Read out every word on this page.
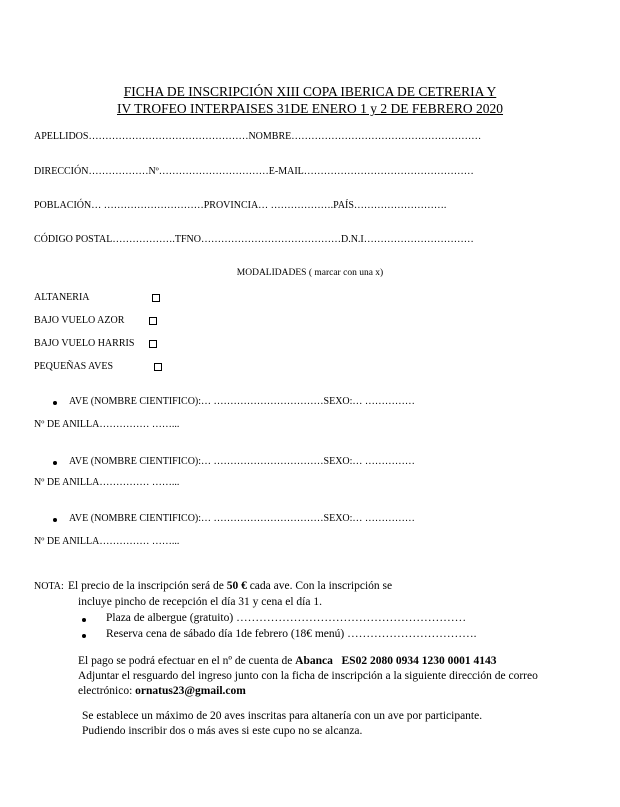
FICHA DE INSCRIPCIÓN XIII COPA IBERICA DE CETRERIA Y
IV TROFEO INTERPAISES 31DE ENERO 1 y 2 DE FEBRERO 2020
APELLIDOS…………………………………………NOMBRE…………………………………………………
DIRECCIÓN………………Nº……………………………E-MAIL……………………………………………
POBLACIÓN… …………………………PROVINCIA… ……………….PAÍS……………………….
CÓDIGO POSTAL……………….TFNO……………………………………D.N.I……………………………
MODALIDADES ( marcar con una x)
ALTANERIA
BAJO VUELO AZOR
BAJO VUELO HARRIS
PEQUEÑAS AVES
AVE (NOMBRE CIENTIFICO):… ……………………………SEXO:… ……………
Nº DE ANILLA…………… ……...
AVE (NOMBRE CIENTIFICO):… ……………………………SEXO:… ……………
Nº DE ANILLA…………… ……...
AVE (NOMBRE CIENTIFICO):… ……………………………SEXO:… ……………
Nº DE ANILLA…………… ……...
NOTA: El precio de la inscripción será de 50 € cada ave. Con la inscripción se
incluye pincho de recepción el día 31 y cena el día 1.
Plaza de albergue (gratuito) ……………………………………………………
Reserva cena de sábado día 1de febrero (18€ menú) …………………………….
El pago se podrá efectuar en el nº de cuenta de Abanca ES02 2080 0934 1230 0001 4143
Adjuntar el resguardo del ingreso junto con la ficha de inscripción a la siguiente dirección de correo
electrónico: ornatus23@gmail.com
Se establece un máximo de 20 aves inscritas para altanería con un ave por participante.
Pudiendo inscribir dos o más aves si este cupo no se alcanza.
